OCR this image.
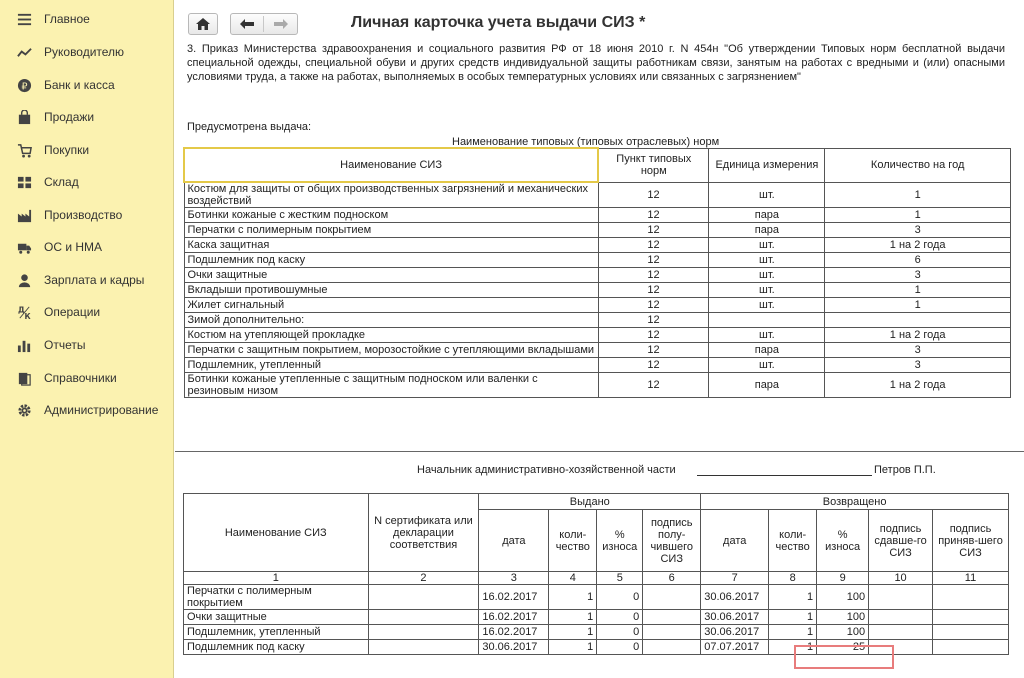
Главное
Руководителю
₽ Банк и касса
Продажи
Покупки
Склад
Производство
ОС и НМА
Зарплата и кадры
Д
К Операции
Отчеты
Справочники
Администрирование
Личная карточка учета выдачи СИЗ *
3. Приказ Министерства здравоохранения и социального развития РФ от 18 июня 2010 г. N 454н "Об утверждении Типовых норм бесплатной выдачи специальной одежды, специальной обуви и других средств индивидуальной защиты работникам связи, занятым на работах с вредными и (или) опасными условиями труда, а также на работах, выполняемых в особых температурных условиях или связанных с загрязнением"
Предусмотрена выдача:
Наименование типовых (типовых отраслевых) норм
Наименование СИЗ	Пункт типовых норм	Единица измерения	Количество на год
Костюм для защиты от общих производственных загрязнений и механических воздействий	12	шт.	1
Ботинки кожаные с жестким подноском	12	пара	1
Перчатки с полимерным покрытием	12	пара	3
Каска защитная	12	шт.	1 на 2 года
Подшлемник под каску	12	шт.	6
Очки защитные	12	шт.	3
Вкладыши противошумные	12	шт.	1
Жилет сигнальный	12	шт.	1
Зимой дополнительно:	12		
Костюм на утепляющей прокладке	12	шт.	1 на 2 года
Перчатки с защитным покрытием, морозостойкие с утепляющими вкладышами	12	пара	3
Подшлемник, утепленный	12	шт.	3
Ботинки кожаные утепленные с защитным подноском или валенки с резиновым низом	12	пара	1 на 2 года
Начальник административно-хозяйственной части	Петров П.П.
Наименование СИЗ	N сертификата или декларации соответствия	Выдано				Возвращено				
		дата	коли-чество	% износа	подпись полу-чившего СИЗ	дата	коли-чество	% износа	подпись сдавше-го СИЗ	подпись приняв-шего СИЗ
1	2	3	4	5	6	7	8	9	10	11
Перчатки с полимерным покрытием		16.02.2017	1	0		30.06.2017	1	100		
Очки защитные		16.02.2017	1	0		30.06.2017	1	100		
Подшлемник, утепленный		16.02.2017	1	0		30.06.2017	1	100		
Подшлемник под каску		30.06.2017	1	0		07.07.2017	1	25		
